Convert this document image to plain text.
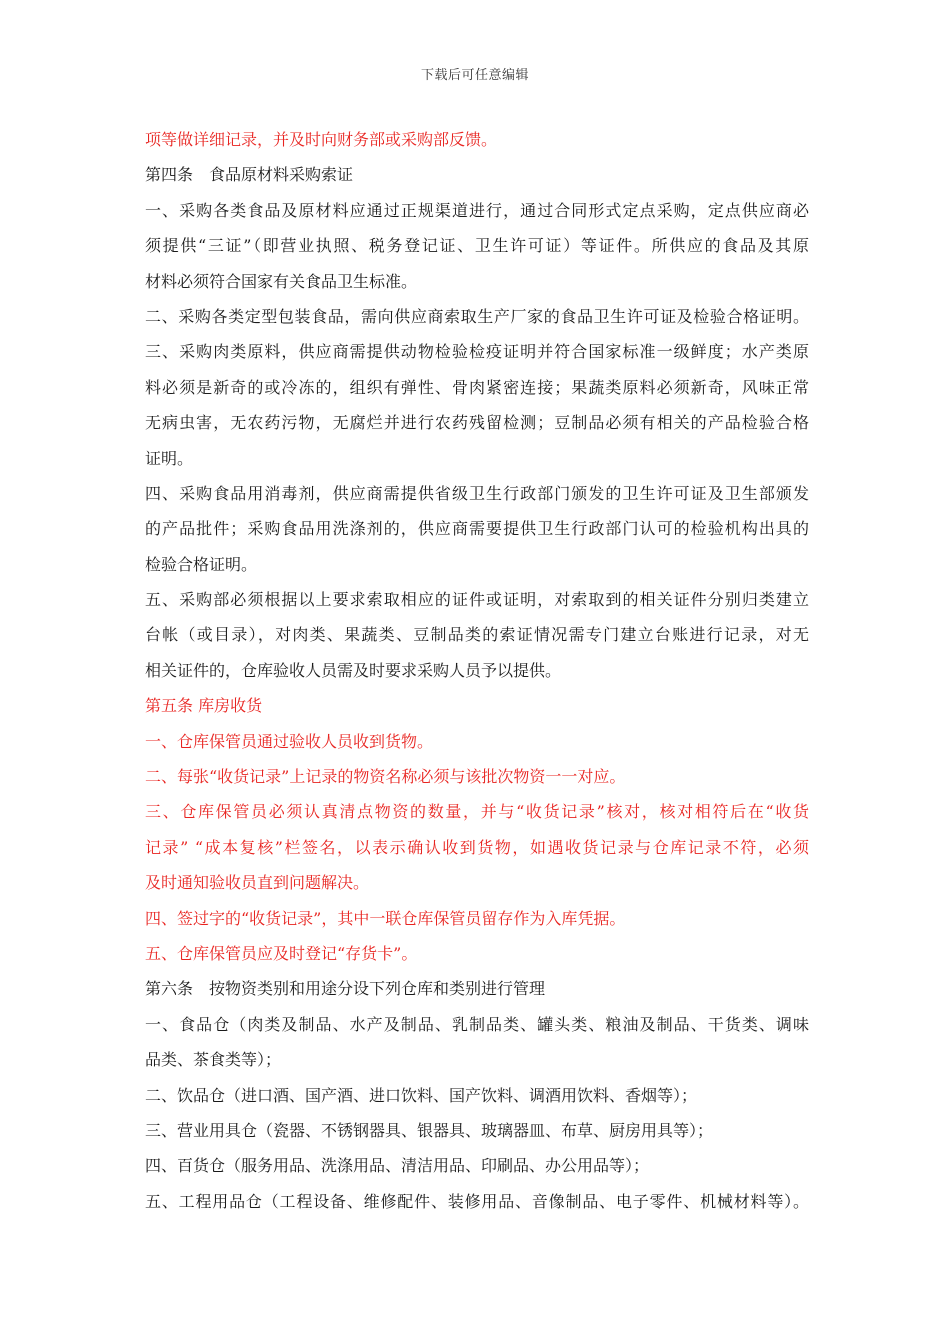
下载后可任意编辑
项等做详细记录，并及时向财务部或采购部反馈。
第四条　食品原材料采购索证
一、采购各类食品及原材料应通过正规渠道进行，通过合同形式定点采购，定点供应商必
须提供“三证”（即营业执照、税务登记证、卫生许可证）等证件。所供应的食品及其原
材料必须符合国家有关食品卫生标准。
二、采购各类定型包装食品，需向供应商索取生产厂家的食品卫生许可证及检验合格证明。
三、采购肉类原料，供应商需提供动物检验检疫证明并符合国家标准一级鲜度；水产类原
料必须是新奇的或冷冻的，组织有弹性、骨肉紧密连接；果蔬类原料必须新奇，风味正常
无病虫害，无农药污物，无腐烂并进行农药残留检测；豆制品必须有相关的产品检验合格
证明。
四、采购食品用消毒剂，供应商需提供省级卫生行政部门颁发的卫生许可证及卫生部颁发
的产品批件；采购食品用洗涤剂的，供应商需要提供卫生行政部门认可的检验机构出具的
检验合格证明。
五、采购部必须根据以上要求索取相应的证件或证明，对索取到的相关证件分别归类建立
台帐（或目录），对肉类、果蔬类、豆制品类的索证情况需专门建立台账进行记录，对无
相关证件的，仓库验收人员需及时要求采购人员予以提供。
第五条 库房收货
一、仓库保管员通过验收人员收到货物。
二、每张“收货记录”上记录的物资名称必须与该批次物资一一对应。
三、仓库保管员必须认真清点物资的数量，并与“收货记录”核对，核对相符后在“收货
记录” “成本复核”栏签名，以表示确认收到货物，如遇收货记录与仓库记录不符，必须
及时通知验收员直到问题解决。
四、签过字的“收货记录”，其中一联仓库保管员留存作为入库凭据。
五、仓库保管员应及时登记“存货卡”。
第六条　按物资类别和用途分设下列仓库和类别进行管理
一、食品仓（肉类及制品、水产及制品、乳制品类、罐头类、粮油及制品、干货类、调味
品类、茶食类等）；
二、饮品仓（进口酒、国产酒、进口饮料、国产饮料、调酒用饮料、香烟等）；
三、营业用具仓（瓷器、不锈钢器具、银器具、玻璃器皿、布草、厨房用具等）；
四、百货仓（服务用品、洗涤用品、清洁用品、印刷品、办公用品等）；
五、工程用品仓（工程设备、维修配件、装修用品、音像制品、电子零件、机械材料等）。
